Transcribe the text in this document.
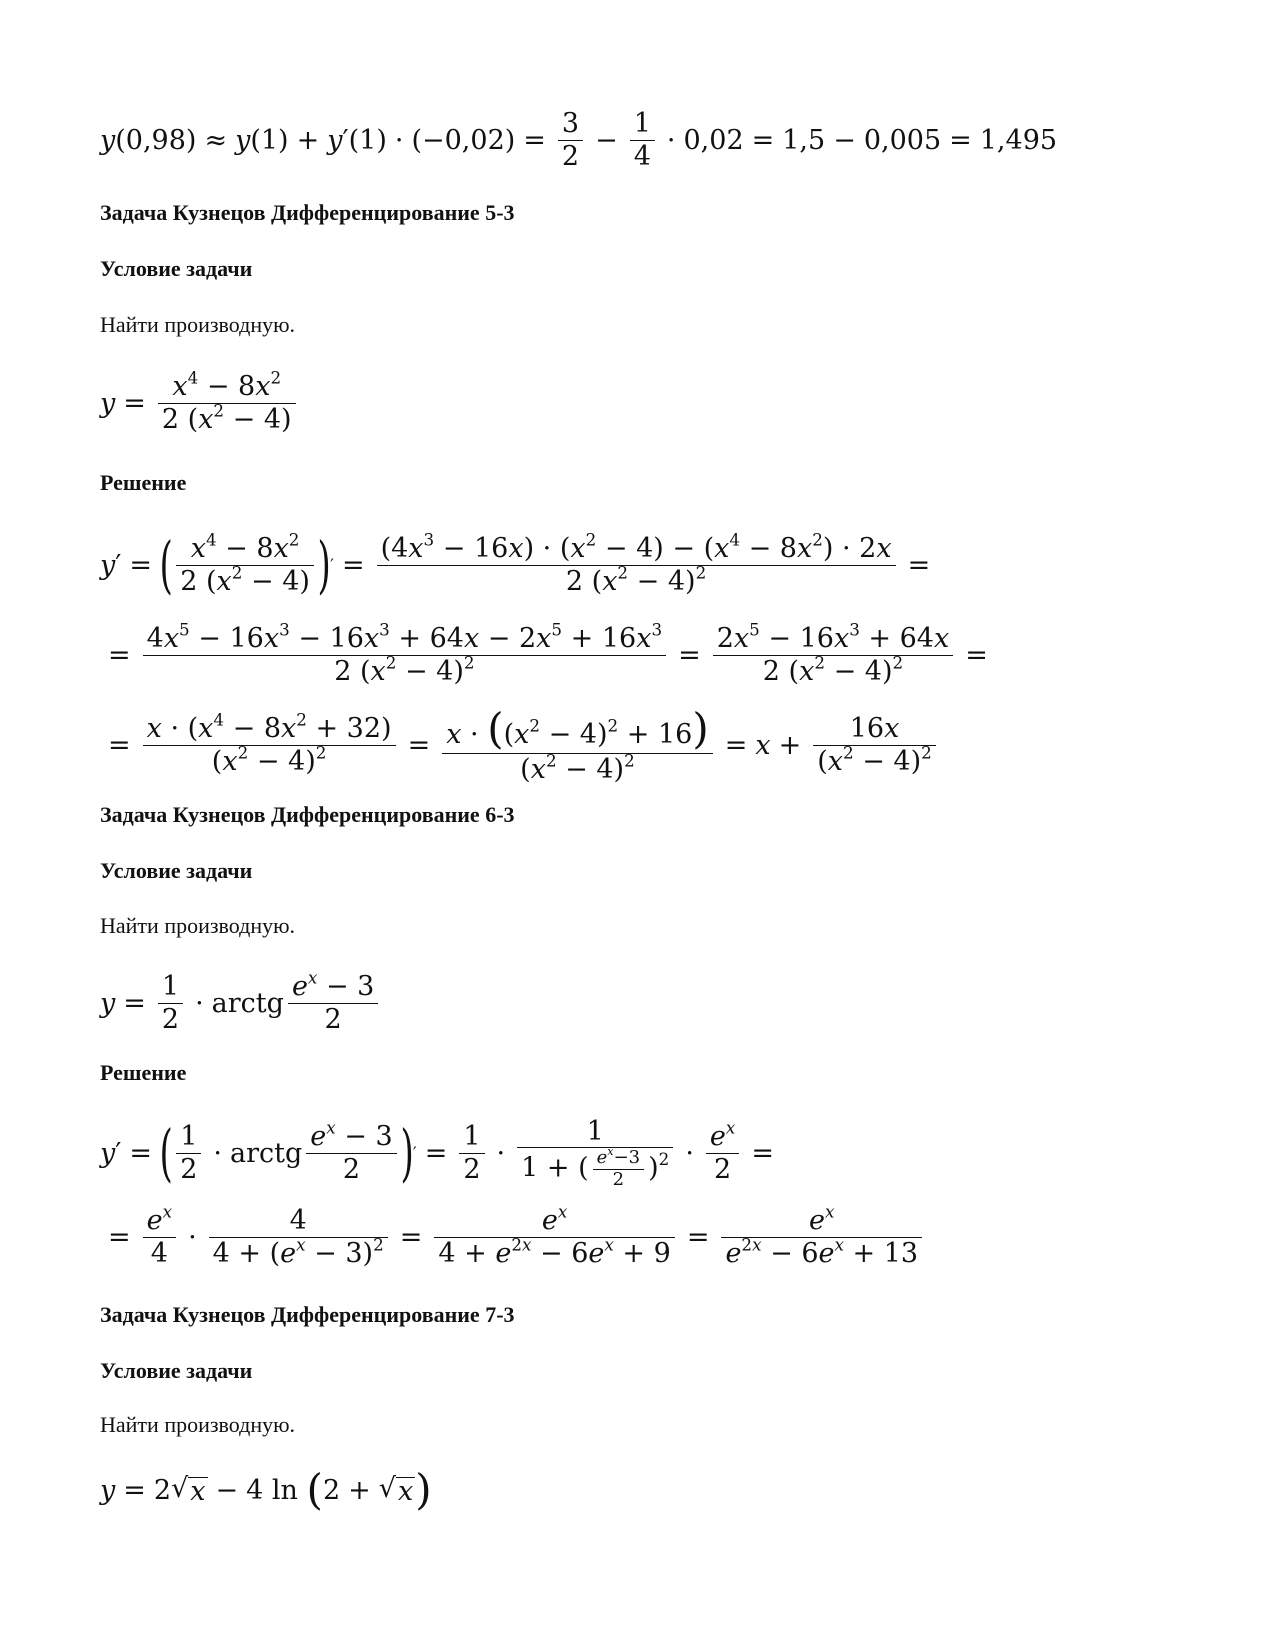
y (0,98) ≈ y (1) + y $'(1) \cdot (-0,02) = \frac{3}{2} - \frac{1}{4} \cdot 0,02 = 1,5 - 0,005 = 1,495$
Задача Кузнецов Дифференцирование 5-3
Условие задачи

Найти производную.

$y = \frac{x^4 - 8x^2}{2 (x^2 - 4)}$
Решение
y ′ = ( $\frac{x^4 - 8x^2}{2 (x^2 - 4)}$ ) ′ = $\frac{(4x^3 - 16x) \cdot (x^2 - 4) - (x^4 - 8x^2) \cdot 2x}{2 (x^2 - 4)^2}$ =
= $\frac{4x^5 - 16x^3 - 16x^3 + 64x - 2x^5 + 16x^3}{2 (x^2 - 4)^2} = \frac{2x^5 - 16x^3 + 64x}{2 (x^2 - 4)^2}$ =
= $\frac{x \cdot (x^4 - 8x^2 + 32)}{(x^2 - 4)^2} = \frac{x \cdot ((x^2 - 4)^2 + 16)}{(x^2 - 4)^2} = x + \frac{16x}{(x^2 - 4)^2}$
Задача Кузнецов Дифференцирование 6-3
Условие задачи

Найти производную.

$y = \frac{1}{2}$ · arctg $\frac{e^x - 3}{2}$
Решение
y ′ = ( $\frac{1}{2}$ · arctg $\frac{e^x - 3}{2}$ ) ′ = $\frac{1}{2} \cdot \frac{1}{1 + ( \frac{e^x-3}{2} )^2} \cdot \frac{e^x}{2}$ =
= $\frac{e^x}{4} \cdot \frac{4}{4 + (e^x - 3)^2} = \frac{e^x}{4 + e^{2x} - 6e^x + 9} = \frac{e^x}{e^{2x} - 6e^x + 13}$
Задача Кузнецов Дифференцирование 7-3
Условие задачи

Найти производную.

y = 2 √ x − 4 ln
( 2 + √ x )
